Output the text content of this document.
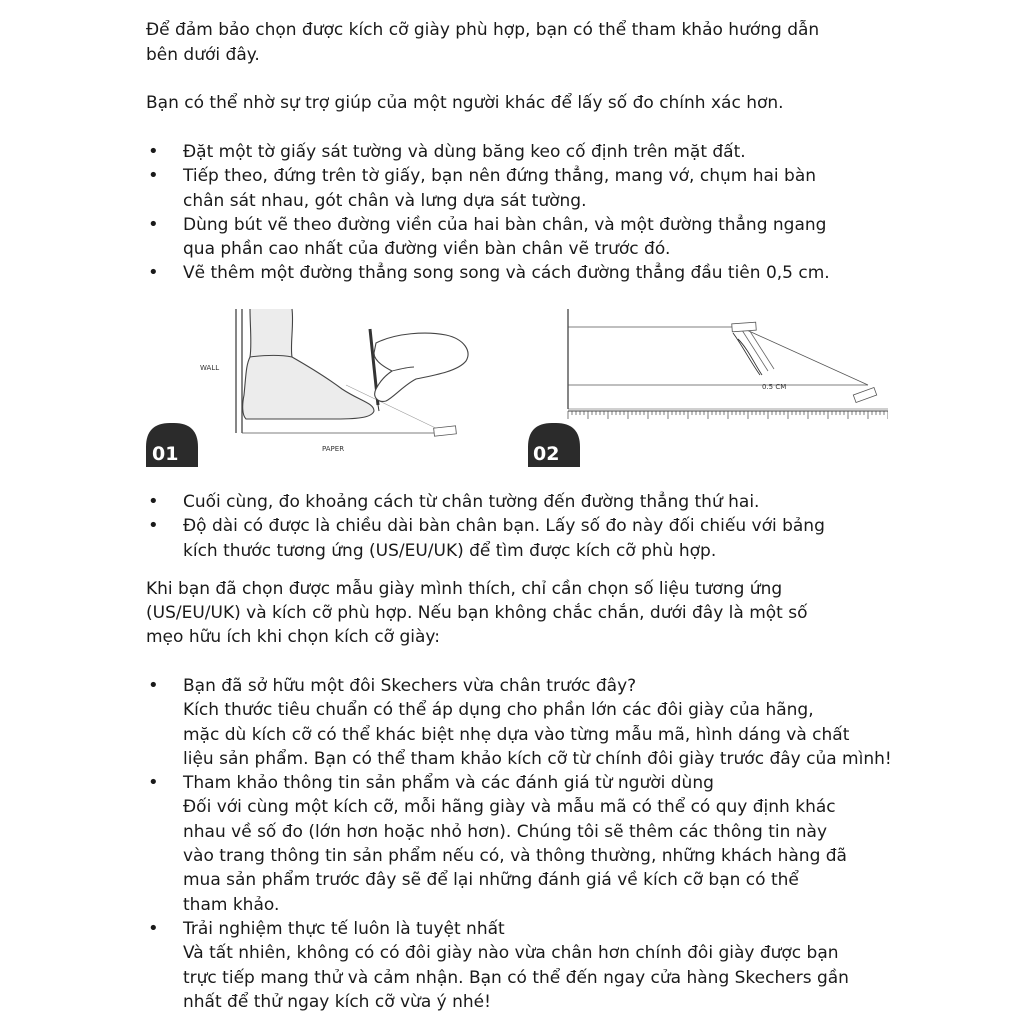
Để đảm bảo chọn được kích cỡ giày phù hợp, bạn có thể tham khảo hướng dẫn
bên dưới đây.
Bạn có thể nhờ sự trợ giúp của một người khác để lấy số đo chính xác hơn.
• Đặt một tờ giấy sát tường và dùng băng keo cố định trên mặt đất.
• Tiếp theo, đứng trên tờ giấy, bạn nên đứng thẳng, mang vớ, chụm hai bàn
chân sát nhau, gót chân và lưng dựa sát tường.
• Dùng bút vẽ theo đường viền của hai bàn chân, và một đường thẳng ngang
qua phần cao nhất của đường viền bàn chân vẽ trước đó.
• Vẽ thêm một đường thẳng song song và cách đường thẳng đầu tiên 0,5 cm.
WALL
PAPER
01
0.5 CM
02
• Cuối cùng, đo khoảng cách từ chân tường đến đường thẳng thứ hai.
• Độ dài có được là chiều dài bàn chân bạn. Lấy số đo này đối chiếu với bảng
kích thước tương ứng (US/EU/UK) để tìm được kích cỡ phù hợp.
Khi bạn đã chọn được mẫu giày mình thích, chỉ cần chọn số liệu tương ứng
(US/EU/UK) và kích cỡ phù hợp. Nếu bạn không chắc chắn, dưới đây là một số
mẹo hữu ích khi chọn kích cỡ giày:
• Bạn đã sở hữu một đôi Skechers vừa chân trước đây?
Kích thước tiêu chuẩn có thể áp dụng cho phần lớn các đôi giày của hãng,
mặc dù kích cỡ có thể khác biệt nhẹ dựa vào từng mẫu mã, hình dáng và chất
liệu sản phẩm. Bạn có thể tham khảo kích cỡ từ chính đôi giày trước đây của mình!
• Tham khảo thông tin sản phẩm và các đánh giá từ người dùng
Đối với cùng một kích cỡ, mỗi hãng giày và mẫu mã có thể có quy định khác
nhau về số đo (lớn hơn hoặc nhỏ hơn). Chúng tôi sẽ thêm các thông tin này
vào trang thông tin sản phẩm nếu có, và thông thường, những khách hàng đã
mua sản phẩm trước đây sẽ để lại những đánh giá về kích cỡ bạn có thể
tham khảo.
• Trải nghiệm thực tế luôn là tuyệt nhất
Và tất nhiên, không có có đôi giày nào vừa chân hơn chính đôi giày được bạn
trực tiếp mang thử và cảm nhận. Bạn có thể đến ngay cửa hàng Skechers gần
nhất để thử ngay kích cỡ vừa ý nhé!
